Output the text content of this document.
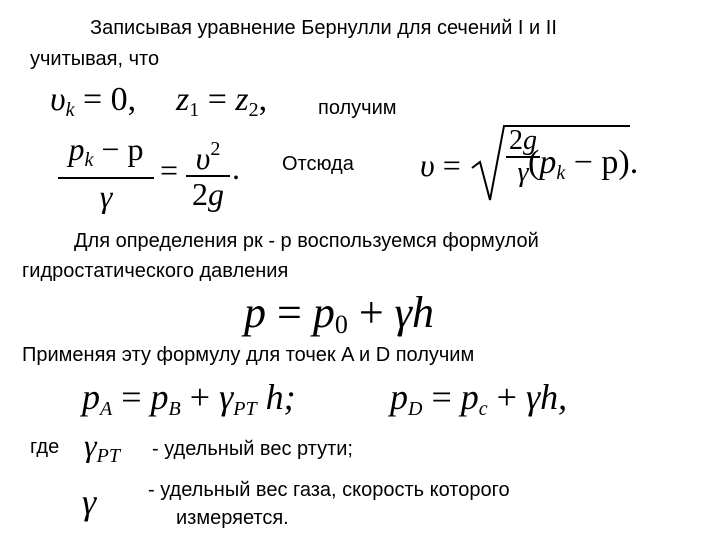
Записывая уравнение Бернулли для сечений I и II
учитывая, что
$\upsilon_k = 0$, $z_1 = z_2$,	получим
$p_k - p$
γ
= $\upsilon^2$
2g
. Отсюда υ =
2g
γ $(p_k - p)$.
Для определения pк - p воспользуемся формулой
гидростатического давления
$p = p_0 + \gamma h$
Применяя эту формулу для точек A и D получим
$p_A = p_B + \gamma_{PT}$ h;	$p_D = p_c + \gamma h$,
где $\gamma_{PT}$ - удельный вес ртути;
γ	- удельный вес газа, скорость которого
измеряется.
